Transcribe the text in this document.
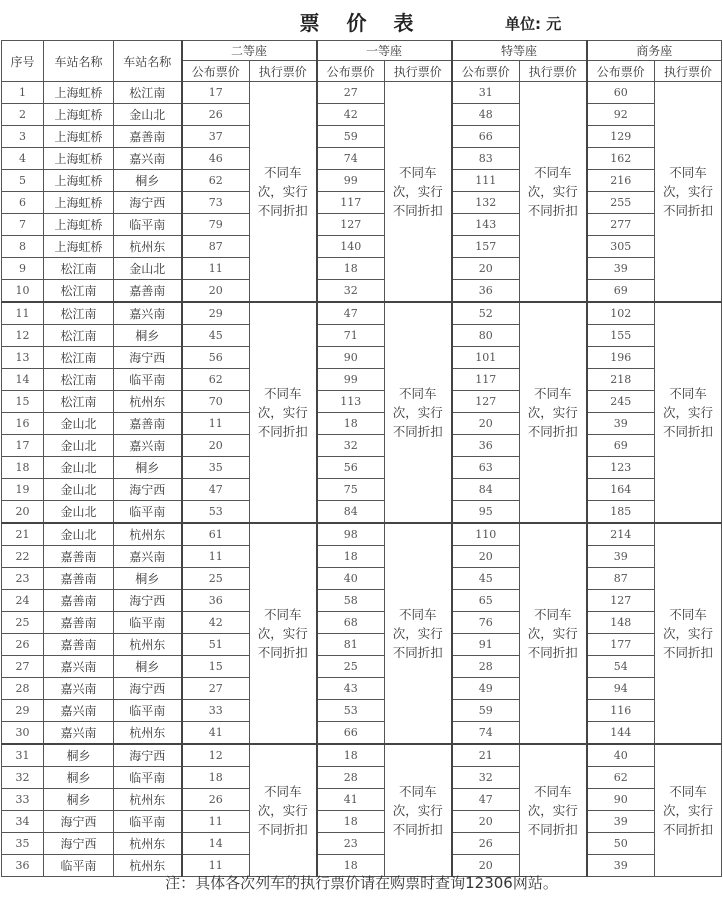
票 价 表	单位: 元
序号	车站名称	车站名称	二等座		一等座		特等座		商务座	
			公布票价	执行票价	公布票价	执行票价	公布票价	执行票价	公布票价	执行票价
1	上海虹桥	松江南	17	不同车次，实行不同折扣	27	不同车次，实行不同折扣	31	不同车次，实行不同折扣	60	不同车次，实行不同折扣
2	上海虹桥	金山北	26		42		48		92	
3	上海虹桥	嘉善南	37		59		66		129	
4	上海虹桥	嘉兴南	46		74		83		162	
5	上海虹桥	桐乡	62		99		111		216	
6	上海虹桥	海宁西	73		117		132		255	
7	上海虹桥	临平南	79		127		143		277	
8	上海虹桥	杭州东	87		140		157		305	
9	松江南	金山北	11		18		20		39	
10	松江南	嘉善南	20		32		36		69	
11	松江南	嘉兴南	29	不同车次，实行不同折扣	47	不同车次，实行不同折扣	52	不同车次，实行不同折扣	102	不同车次，实行不同折扣
12	松江南	桐乡	45		71		80		155	
13	松江南	海宁西	56		90		101		196	
14	松江南	临平南	62		99		117		218	
15	松江南	杭州东	70		113		127		245	
16	金山北	嘉善南	11		18		20		39	
17	金山北	嘉兴南	20		32		36		69	
18	金山北	桐乡	35		56		63		123	
19	金山北	海宁西	47		75		84		164	
20	金山北	临平南	53		84		95		185	
21	金山北	杭州东	61	不同车次，实行不同折扣	98	不同车次，实行不同折扣	110	不同车次，实行不同折扣	214	不同车次，实行不同折扣
22	嘉善南	嘉兴南	11		18		20		39	
23	嘉善南	桐乡	25		40		45		87	
24	嘉善南	海宁西	36		58		65		127	
25	嘉善南	临平南	42		68		76		148	
26	嘉善南	杭州东	51		81		91		177	
27	嘉兴南	桐乡	15		25		28		54	
28	嘉兴南	海宁西	27		43		49		94	
29	嘉兴南	临平南	33		53		59		116	
30	嘉兴南	杭州东	41		66		74		144	
31	桐乡	海宁西	12	不同车次，实行不同折扣	18	不同车次，实行不同折扣	21	不同车次，实行不同折扣	40	不同车次，实行不同折扣
32	桐乡	临平南	18		28		32		62	
33	桐乡	杭州东	26		41		47		90	
34	海宁西	临平南	11		18		20		39	
35	海宁西	杭州东	14		23		26		50	
36	临平南	杭州东	11		18		20		39	
注：具体各次列车的执行票价请在购票时查询12306网站。
